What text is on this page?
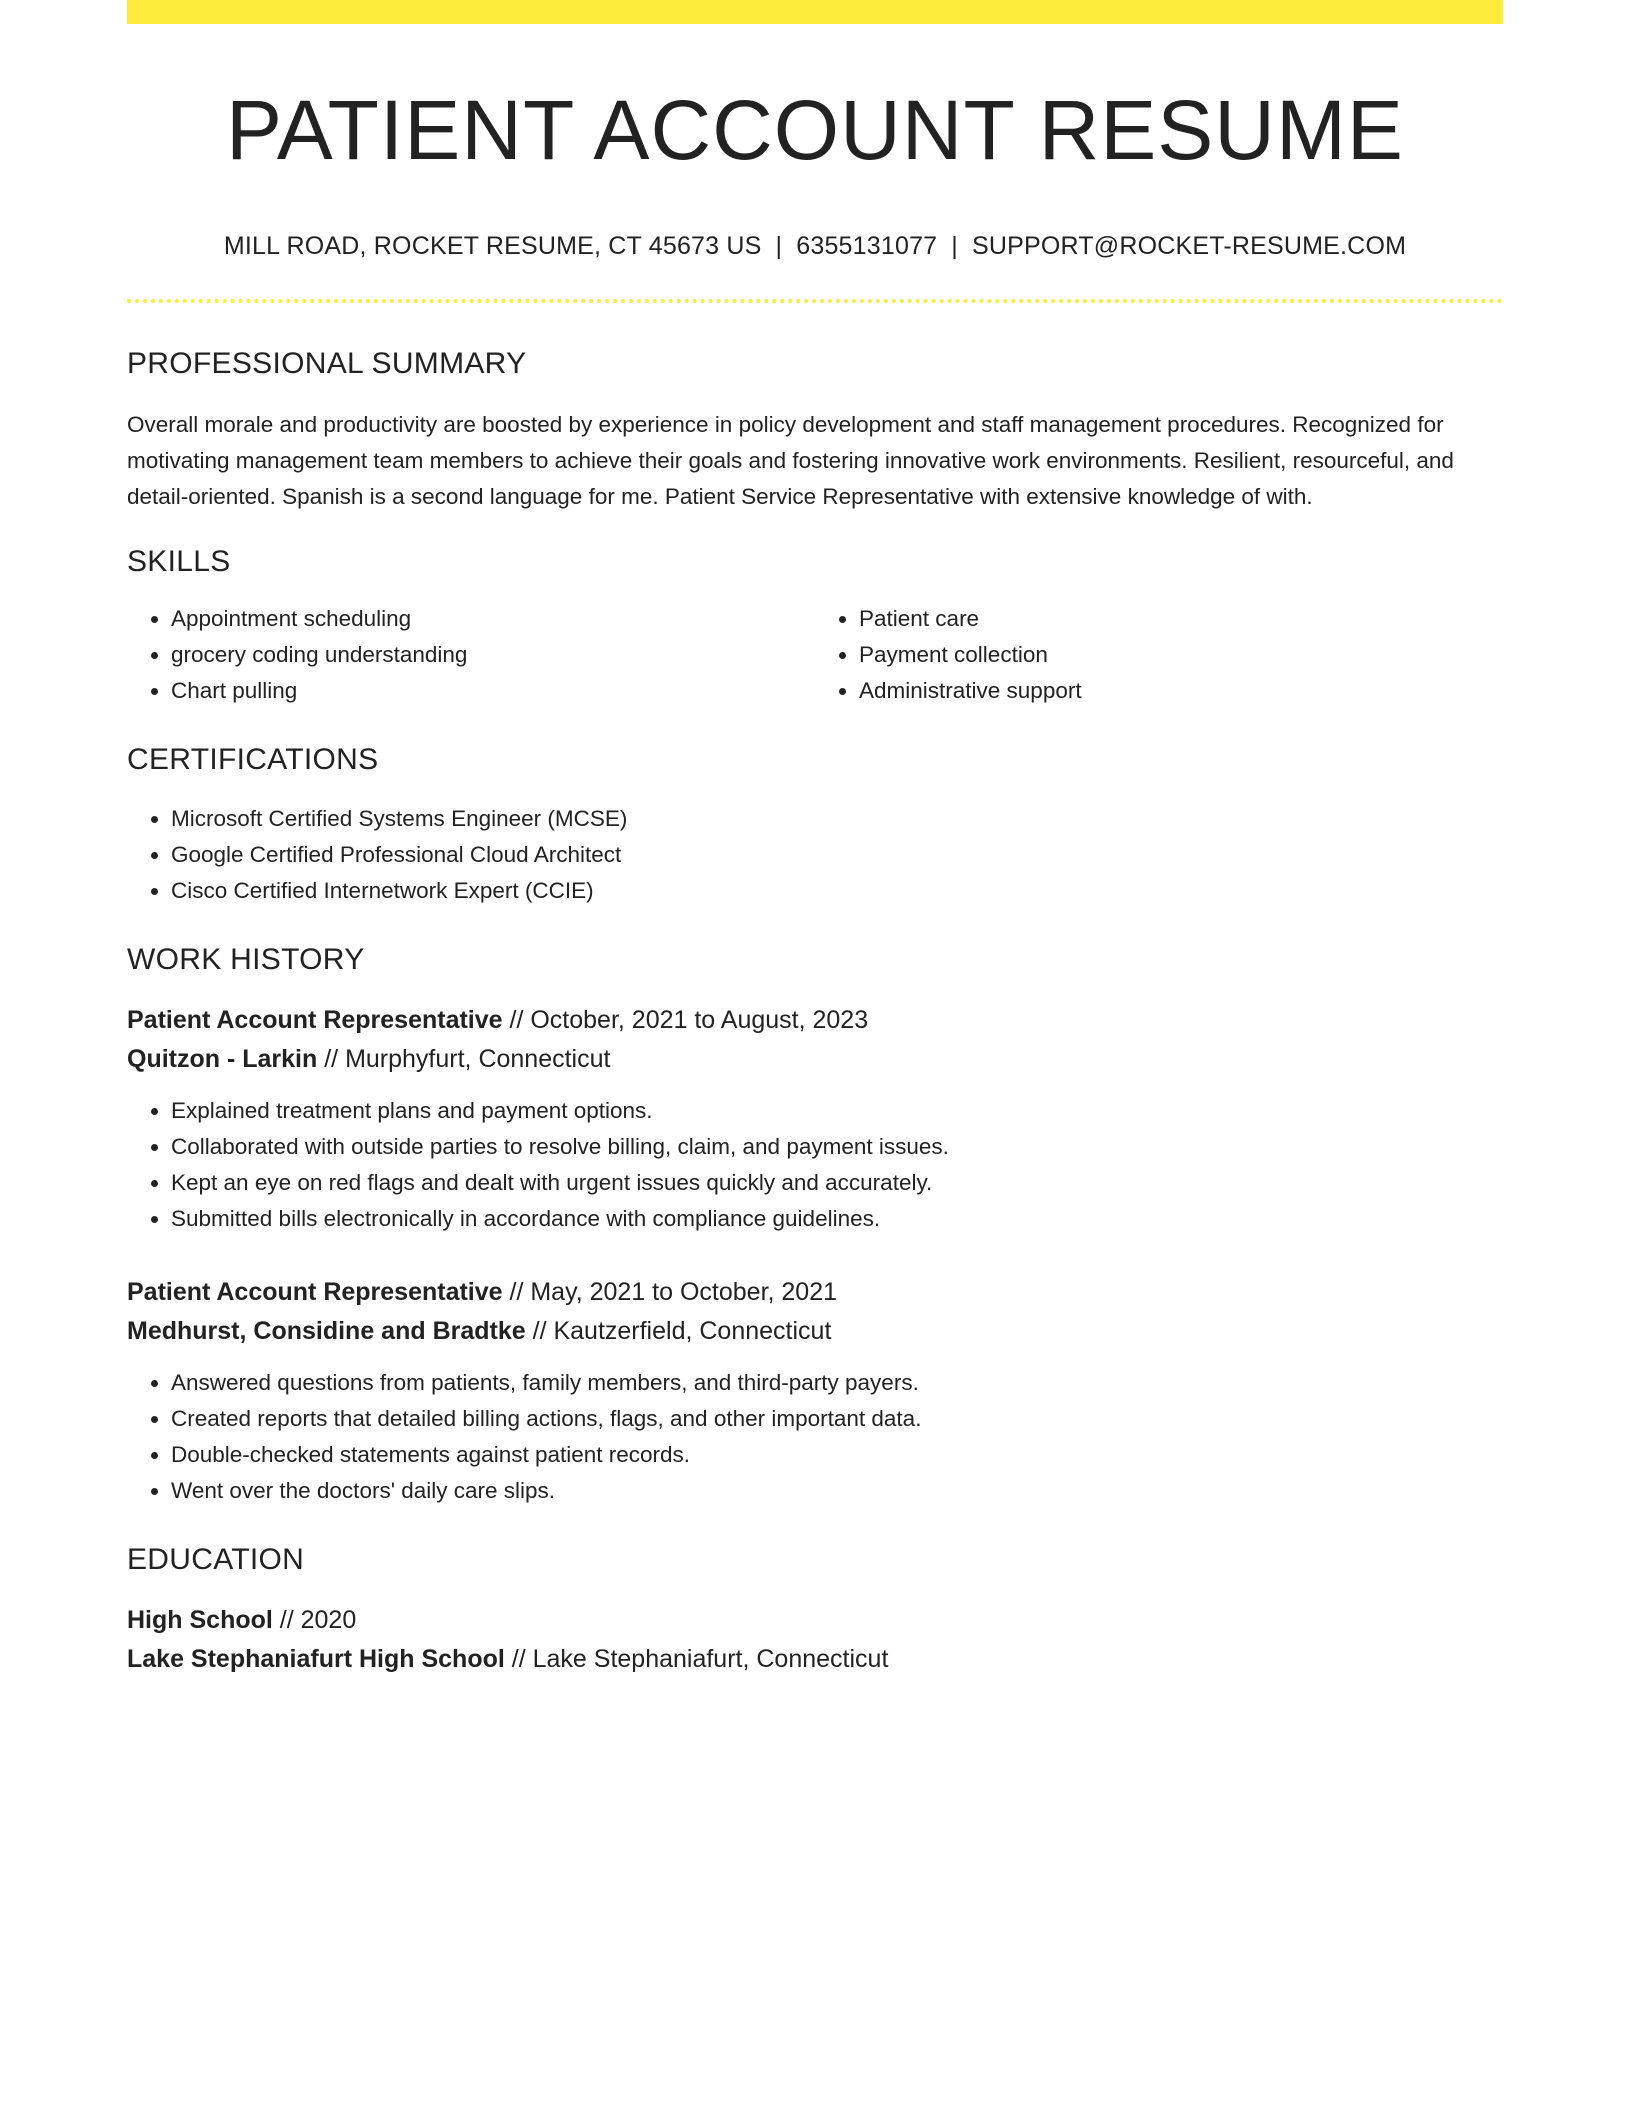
PATIENT ACCOUNT RESUME
MILL ROAD, ROCKET RESUME, CT 45673 US | 6355131077 | SUPPORT@ROCKET-RESUME.COM
PROFESSIONAL SUMMARY

Overall morale and productivity are boosted by experience in policy development and staff management procedures. Recognized for motivating management team members to achieve their goals and fostering innovative work environments. Resilient, resourceful, and detail-oriented. Spanish is a second language for me. Patient Service Representative with extensive knowledge of with.

SKILLS
• Appointment scheduling
• grocery coding understanding
• Chart pulling
• Patient care
• Payment collection
• Administrative support
CERTIFICATIONS
• Microsoft Certified Systems Engineer (MCSE)
• Google Certified Professional Cloud Architect
• Cisco Certified Internetwork Expert (CCIE)
WORK HISTORY
Patient Account Representative // October, 2021 to August, 2023
Quitzon - Larkin // Murphyfurt, Connecticut
• Explained treatment plans and payment options.
• Collaborated with outside parties to resolve billing, claim, and payment issues.
• Kept an eye on red flags and dealt with urgent issues quickly and accurately.
• Submitted bills electronically in accordance with compliance guidelines.
Patient Account Representative // May, 2021 to October, 2021
Medhurst, Considine and Bradtke // Kautzerfield, Connecticut
• Answered questions from patients, family members, and third-party payers.
• Created reports that detailed billing actions, flags, and other important data.
• Double-checked statements against patient records.
• Went over the doctors' daily care slips.
EDUCATION
High School // 2020
Lake Stephaniafurt High School // Lake Stephaniafurt, Connecticut
